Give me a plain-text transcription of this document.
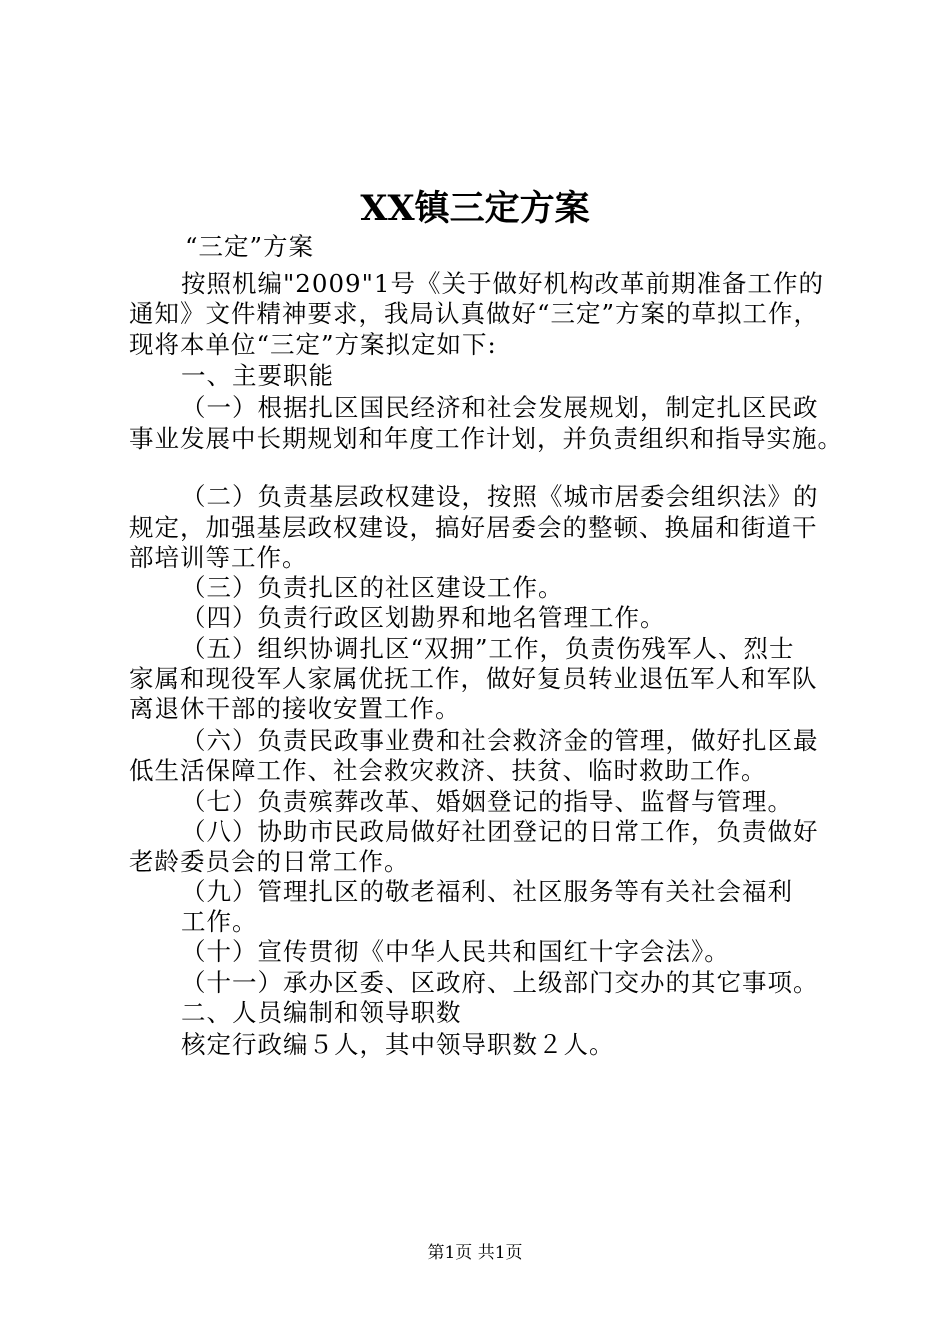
XX镇三定方案
“三定”方案
按照机编"2009"1号《关于做好机构改革前期准备工作的
通知》文件精神要求，我局认真做好“三定”方案的草拟工作，
现将本单位“三定”方案拟定如下:
一、主要职能
（一）根据扎区国民经济和社会发展规划，制定扎区民政
事业发展中长期规划和年度工作计划，并负责组织和指导实施。
（二）负责基层政权建设，按照《城市居委会组织法》的
规定，加强基层政权建设，搞好居委会的整顿、换届和街道干
部培训等工作。
（三）负责扎区的社区建设工作。
（四）负责行政区划勘界和地名管理工作。
（五）组织协调扎区“双拥”工作，负责伤残军人、烈士
家属和现役军人家属优抚工作，做好复员转业退伍军人和军队
离退休干部的接收安置工作。
（六）负责民政事业费和社会救济金的管理，做好扎区最
低生活保障工作、社会救灾救济、扶贫、临时救助工作。
（七）负责殡葬改革、婚姻登记的指导、监督与管理。
（八）协助市民政局做好社团登记的日常工作，负责做好
老龄委员会的日常工作。
（九）管理扎区的敬老福利、社区服务等有关社会福利
工作。
（十）宣传贯彻《中华人民共和国红十字会法》。
（十一）承办区委、区政府、上级部门交办的其它事项。
二、人员编制和领导职数
核定行政编５人，其中领导职数２人。
第1页 共1页
